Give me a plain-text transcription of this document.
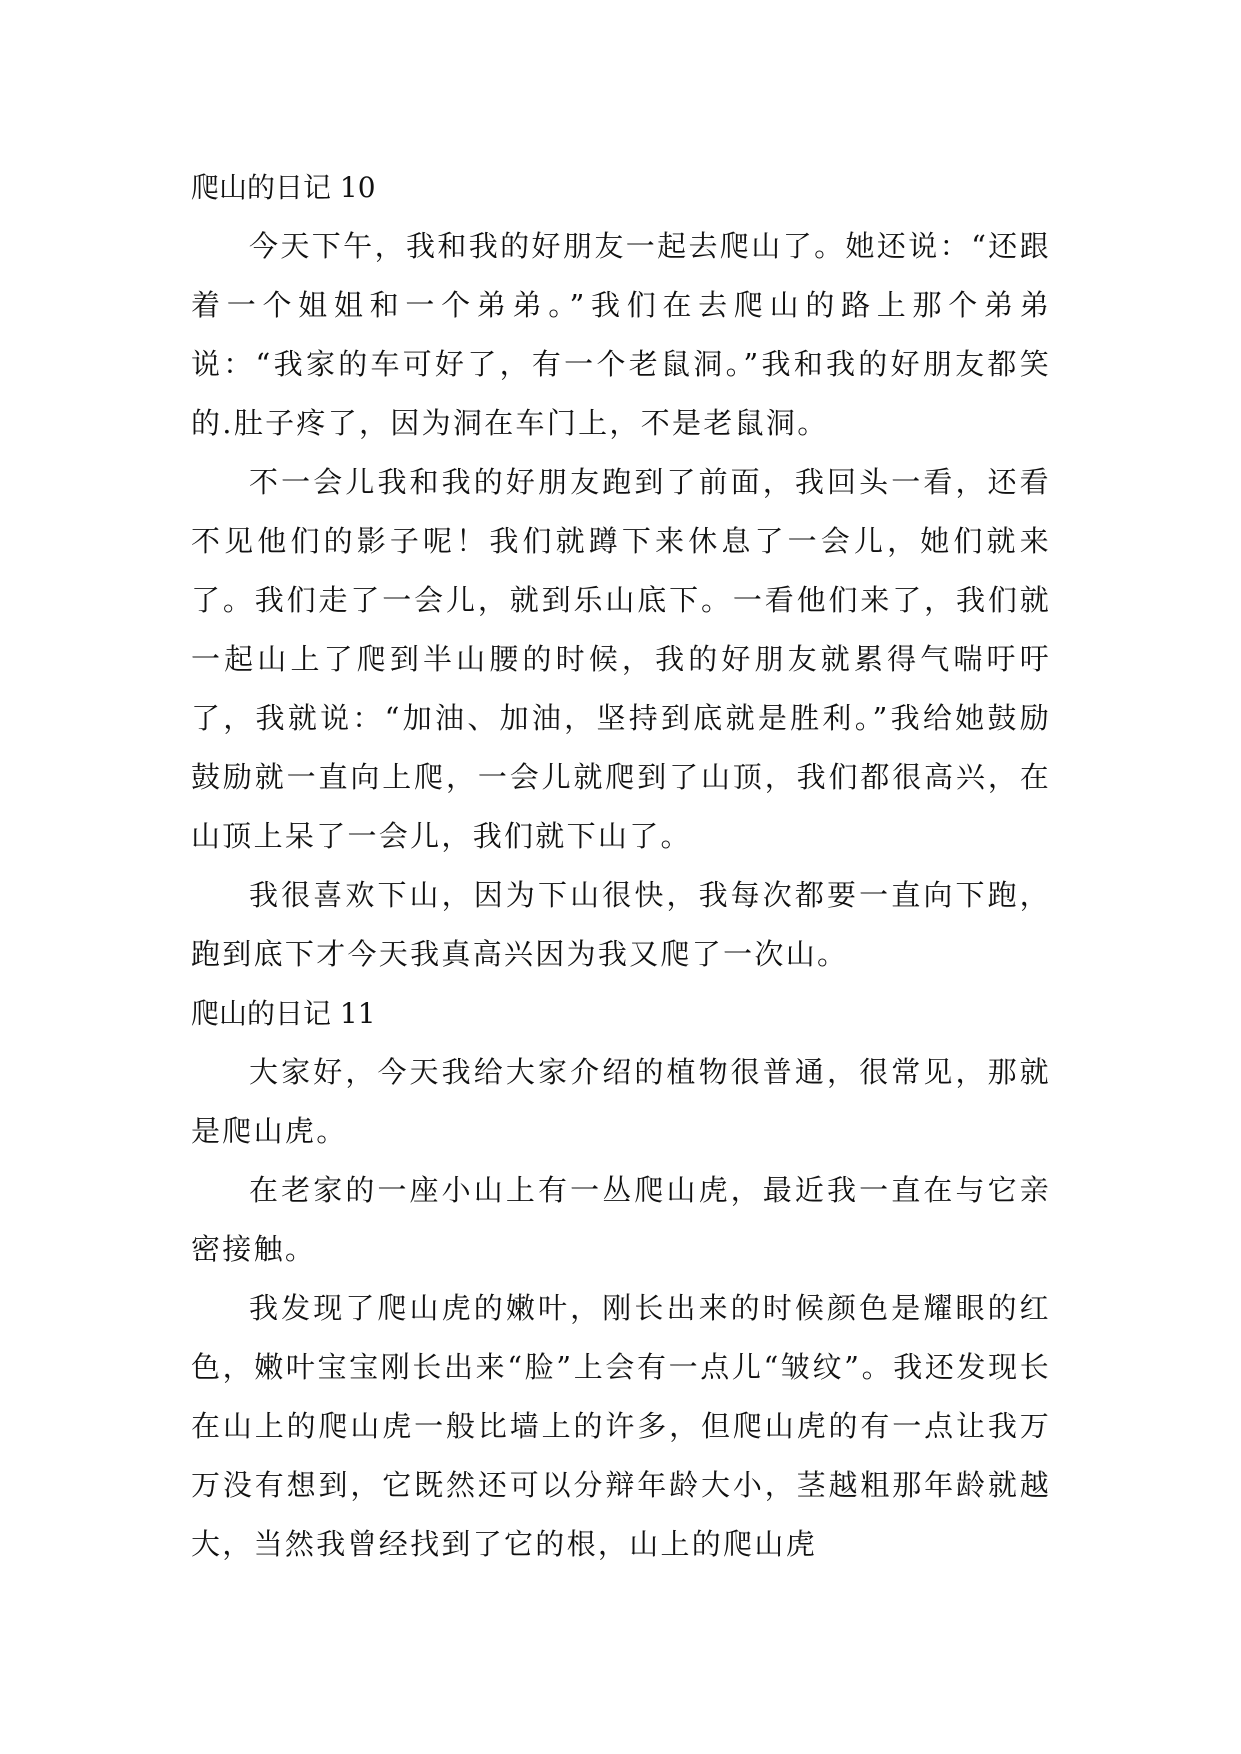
爬山的日记 10

今天下午，我和我的好朋友一起去爬山了。她还说：“还跟着一个姐姐和一个弟弟。”我们在去爬山的路上那个弟弟说：“我家的车可好了，有一个老鼠洞。”我和我的好朋友都笑的.肚子疼了，因为洞在车门上，不是老鼠洞。

不一会儿我和我的好朋友跑到了前面，我回头一看，还看不见他们的影子呢！我们就蹲下来休息了一会儿，她们就来了。我们走了一会儿，就到乐山底下。一看他们来了，我们就一起山上了爬到半山腰的时候，我的好朋友就累得气喘吁吁了，我就说：“加油、加油，坚持到底就是胜利。”我给她鼓励鼓励就一直向上爬，一会儿就爬到了山顶，我们都很高兴，在山顶上呆了一会儿，我们就下山了。

我很喜欢下山，因为下山很快，我每次都要一直向下跑，跑到底下才今天我真高兴因为我又爬了一次山。

爬山的日记 11

大家好，今天我给大家介绍的植物很普通，很常见，那就是爬山虎。

在老家的一座小山上有一丛爬山虎，最近我一直在与它亲密接触。

我发现了爬山虎的嫩叶，刚长出来的时候颜色是耀眼的红色，嫩叶宝宝刚长出来“脸”上会有一点儿“皱纹”。我还发现长在山上的爬山虎一般比墙上的许多，但爬山虎的有一点让我万万没有想到，它既然还可以分辩年龄大小，茎越粗那年龄就越大，当然我曾经找到了它的根，山上的爬山虎
